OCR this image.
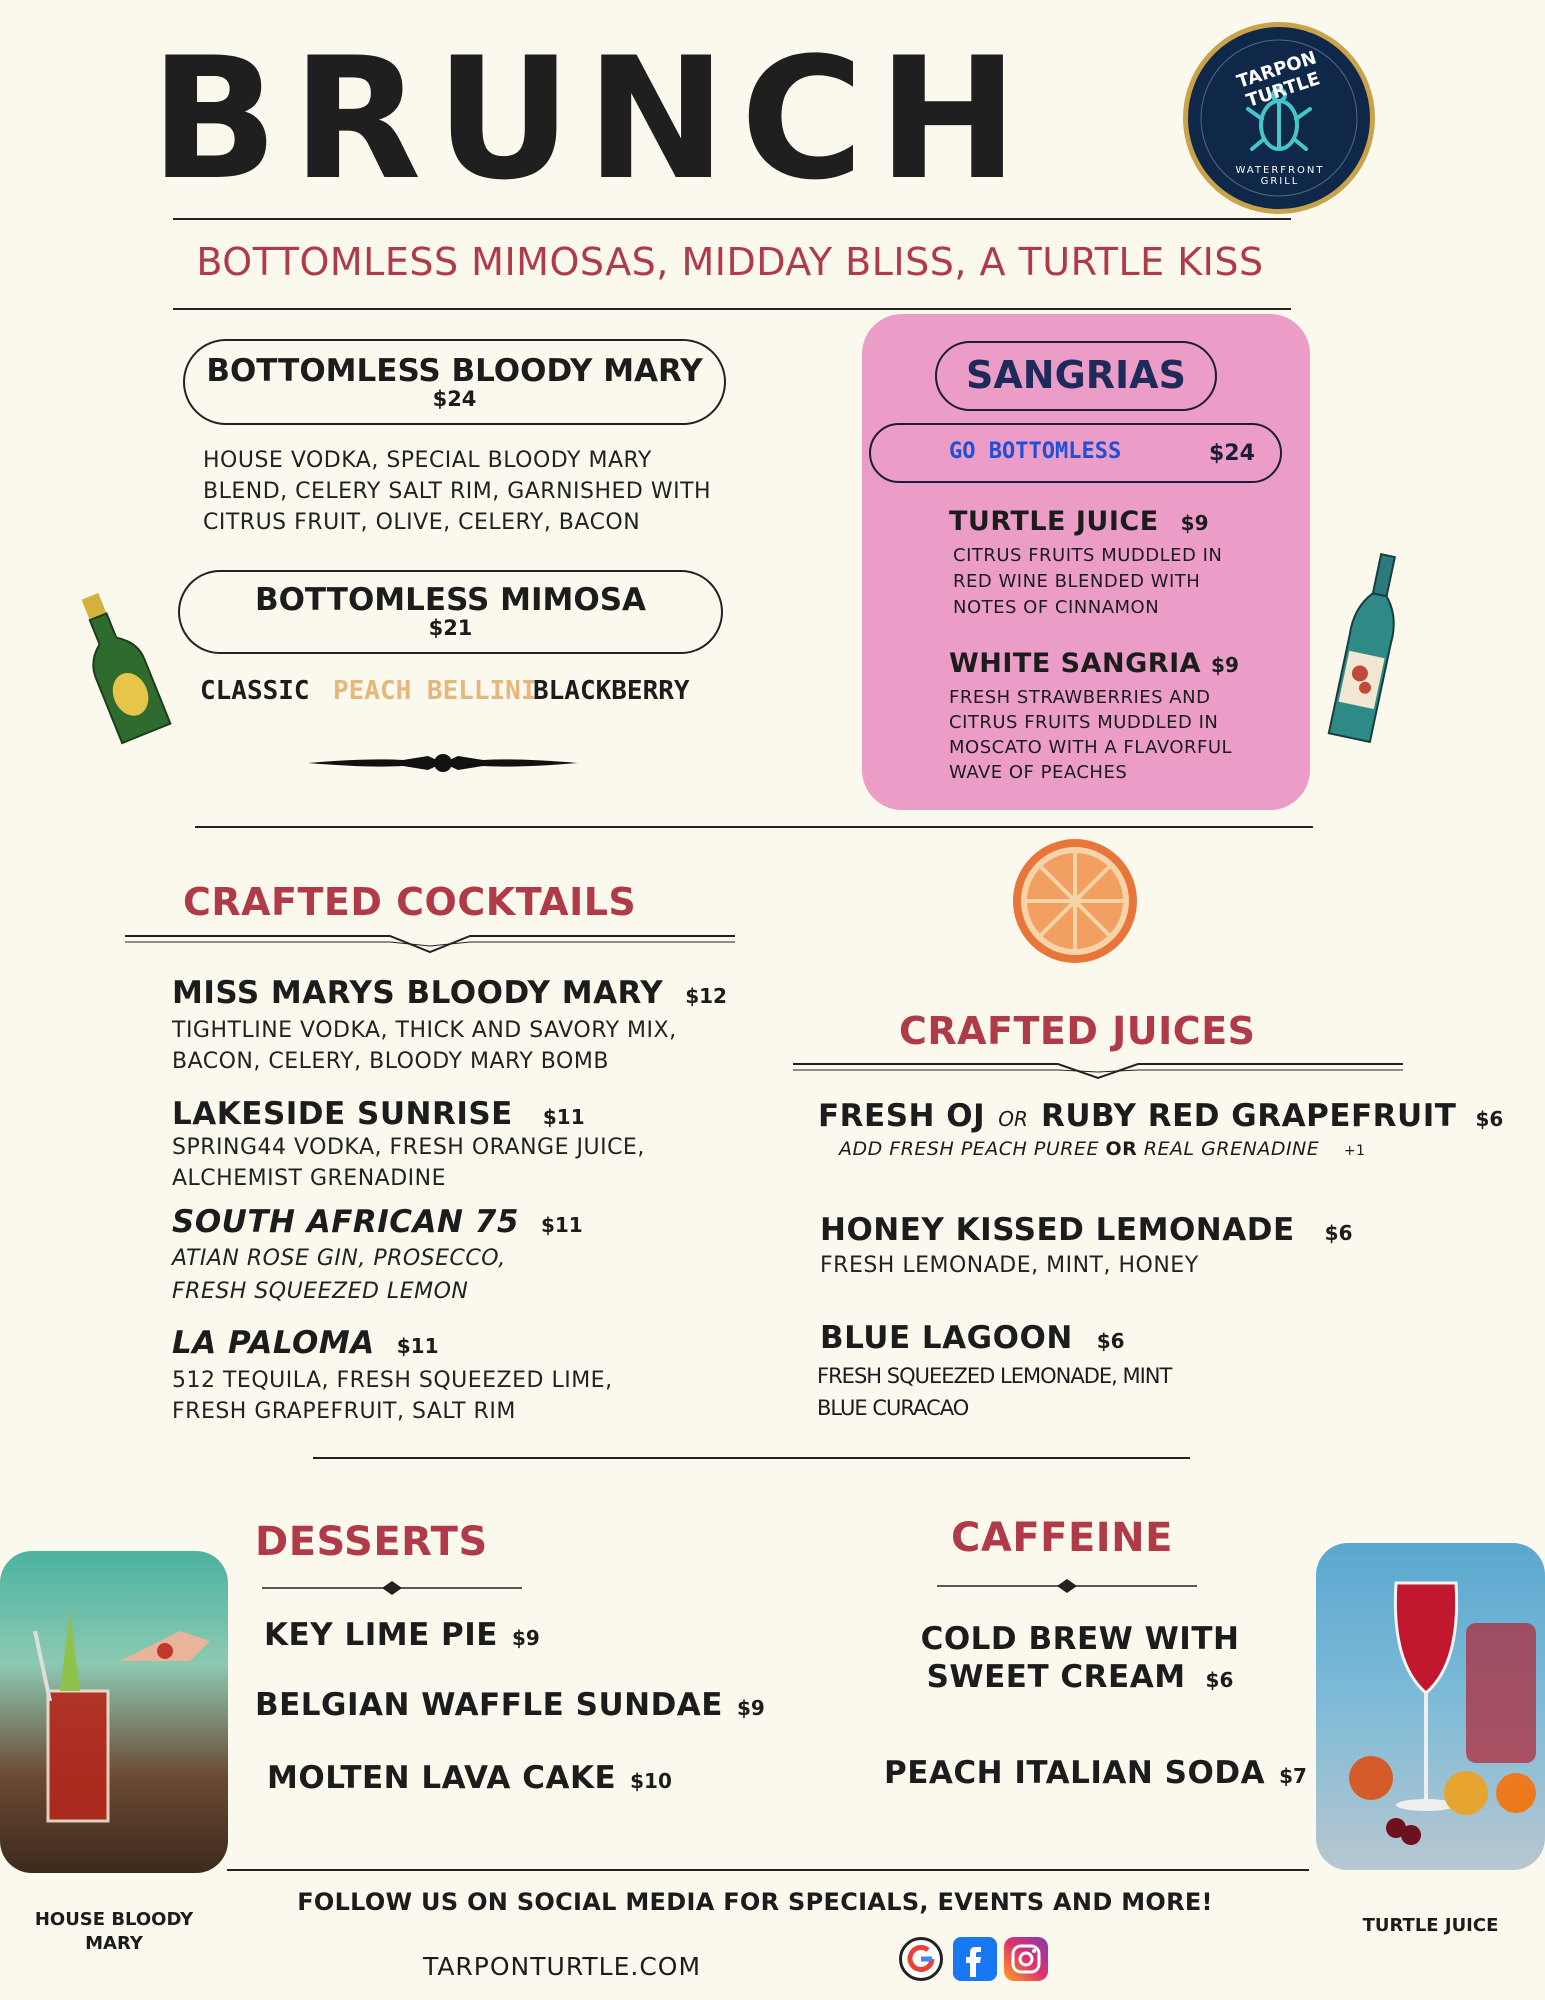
BRUNCH	TARPON TURTLE
WATERFRONT GRILL
BOTTOMLESS MIMOSAS, MIDDAY BLISS, A TURTLE KISS
BOTTOMLESS BLOODY MARY
$24
HOUSE VODKA, SPECIAL BLOODY MARY
BLEND, CELERY SALT RIM, GARNISHED WITH
CITRUS FRUIT, OLIVE, CELERY, BACON
BOTTOMLESS MIMOSA
$21
CLASSIC PEACH BELLINI
BLACKBERRY
SANGRIAS
GO BOTTOMLESS	$24
TURTLE JUICE $9
CITRUS FRUITS MUDDLED IN
RED WINE BLENDED WITH
NOTES OF CINNAMON
WHITE SANGRIA $9
FRESH STRAWBERRIES AND
CITRUS FRUITS MUDDLED IN
MOSCATO WITH A FLAVORFUL
WAVE OF PEACHES
CRAFTED COCKTAILS
MISS MARYS BLOODY MARY $12
TIGHTLINE VODKA, THICK AND SAVORY MIX,
BACON, CELERY, BLOODY MARY BOMB
LAKESIDE SUNRISE $11
SPRING44 VODKA, FRESH ORANGE JUICE,
ALCHEMIST GRENADINE
SOUTH AFRICAN 75 $11
ATIAN ROSE GIN, PROSECCO,
FRESH SQUEEZED LEMON
LA PALOMA $11
512 TEQUILA, FRESH SQUEEZED LIME,
FRESH GRAPEFRUIT, SALT RIM
CRAFTED JUICES
FRESH OJ OR RUBY RED GRAPEFRUIT $6
ADD FRESH PEACH PUREE OR REAL GRENADINE +1
HONEY KISSED LEMONADE $6
FRESH LEMONADE, MINT, HONEY
BLUE LAGOON $6
FRESH SQUEEZED LEMONADE, MINT
BLUE CURACAO
DESSERTS
KEY LIME PIE $9
BELGIAN WAFFLE SUNDAE $9
MOLTEN LAVA CAKE $10
CAFFEINE
COLD BREW WITH
SWEET CREAM $6
PEACH ITALIAN SODA $7
HOUSE BLOODY
MARY
TURTLE JUICE
FOLLOW US ON SOCIAL MEDIA FOR SPECIALS, EVENTS AND MORE!
TARPONTURTLE.COM
